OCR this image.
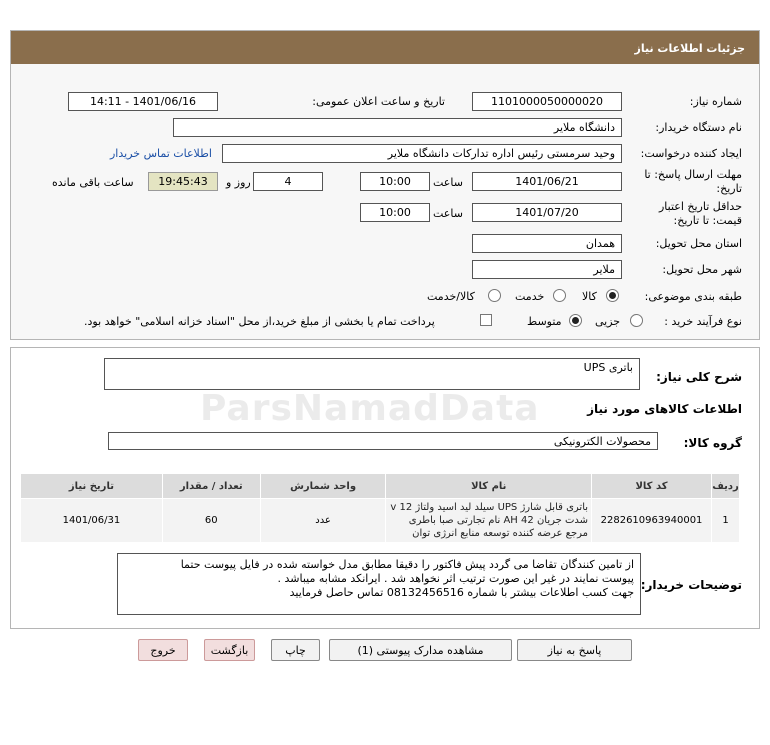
جزئیات اطلاعات نیاز
شماره نیاز:
1101000050000020
تاریخ و ساعت اعلان عمومی:
1401/06/16 - 14:11
نام دستگاه خریدار:
دانشگاه ملایر
ایجاد کننده درخواست:
وحید سرمستی رئیس اداره تدارکات دانشگاه ملایر
اطلاعات تماس خریدار
مهلت ارسال پاسخ: تا
تاریخ:
1401/06/21
ساعت
10:00
4
روز و
19:45:43
ساعت باقی مانده
حداقل تاریخ اعتبار
قیمت: تا تاریخ:
1401/07/20
ساعت
10:00
استان محل تحویل:
همدان
شهر محل تحویل:
ملایر
طبقه بندی موضوعی:
کالا
خدمت
کالا/خدمت
نوع فرآیند خرید :
جزیی
متوسط
پرداخت تمام یا بخشی از مبلغ خرید،از محل "اسناد خزانه اسلامی" خواهد بود.
شرح کلی نیاز:
باتری UPS
اطلاعات کالاهای مورد نیاز
گروه کالا:
محصولات الکترونیکی
ردیف	کد کالا	نام کالا	واحد شمارش	تعداد / مقدار	تاریخ نیاز
1	2282610963940001	باتری قابل شارژ UPS سیلد لید اسید ولتاژ 12 v شدت جریان 42 AH نام تجارتی صبا باطری مرجع عرضه کننده توسعه منابع انرژی توان	عدد	60	1401/06/31
توضیحات خریدار:
از تامین کنندگان تقاضا می گردد پیش فاکتور را دقیقا مطابق مدل خواسته شده در فایل پیوست حتما
پیوست نمایند در غیر این صورت ترتیب اثر نخواهد شد . ایرانکد مشابه میباشد .
جهت کسب اطلاعات بیشتر با شماره 08132456516 تماس حاصل فرمایید
پاسخ به نیاز
مشاهده مدارک پیوستی (1)
چاپ
بازگشت
خروج
